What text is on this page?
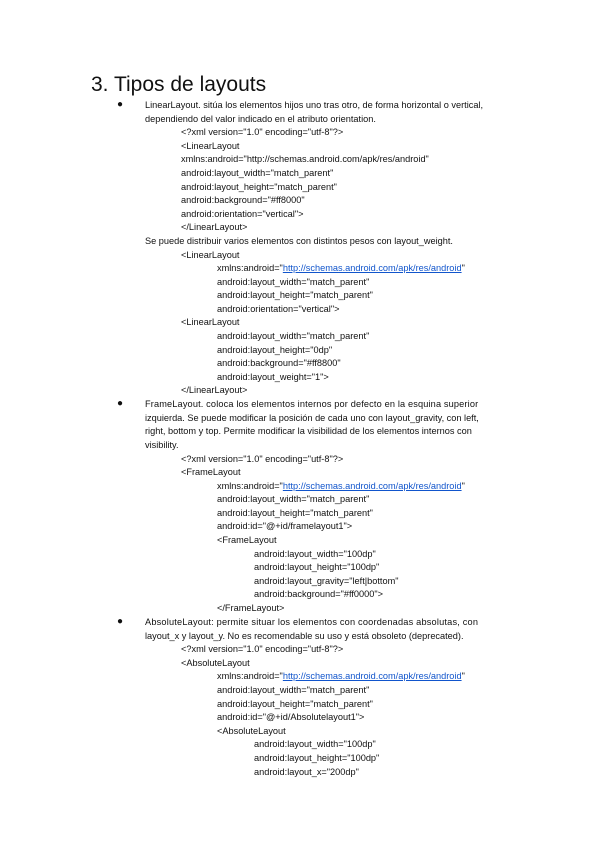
3. Tipos de layouts
● LinearLayout. sitúa los elementos hijos uno tras otro, de forma horizontal o vertical,
dependiendo del valor indicado en el atributo orientation.
<?xml version="1.0" encoding="utf-8"?>
<LinearLayout
xmlns:android="http://schemas.android.com/apk/res/android"
android:layout_width="match_parent"
android:layout_height="match_parent"
android:background="#ff8000"
android:orientation="vertical">
</LinearLayout>
Se puede distribuir varios elementos con distintos pesos con layout_weight.
<LinearLayout
xmlns:android="http://schemas.android.com/apk/res/android"
android:layout_width="match_parent"
android:layout_height="match_parent"
android:orientation="vertical">
<LinearLayout
android:layout_width="match_parent"
android:layout_height="0dp"
android:background="#ff8800"
android:layout_weight="1">
</LinearLayout>
● FrameLayout. coloca los elementos internos por defecto en la esquina superior
izquierda. Se puede modificar la posición de cada uno con layout_gravity, con left,
right, bottom y top. Permite modificar la visibilidad de los elementos internos con
visibility.
<?xml version="1.0" encoding="utf-8"?>
<FrameLayout
xmlns:android="http://schemas.android.com/apk/res/android"
android:layout_width="match_parent"
android:layout_height="match_parent"
android:id="@+id/framelayout1">
<FrameLayout
android:layout_width="100dp"
android:layout_height="100dp"
android:layout_gravity="left|bottom"
android:background="#ff0000">
</FrameLayout>
● AbsoluteLayout: permite situar los elementos con coordenadas absolutas, con
layout_x y layout_y. No es recomendable su uso y está obsoleto (deprecated).
<?xml version="1.0" encoding="utf-8"?>
<AbsoluteLayout
xmlns:android="http://schemas.android.com/apk/res/android"
android:layout_width="match_parent"
android:layout_height="match_parent"
android:id="@+id/Absolutelayout1">
<AbsoluteLayout
android:layout_width="100dp"
android:layout_height="100dp"
android:layout_x="200dp"
